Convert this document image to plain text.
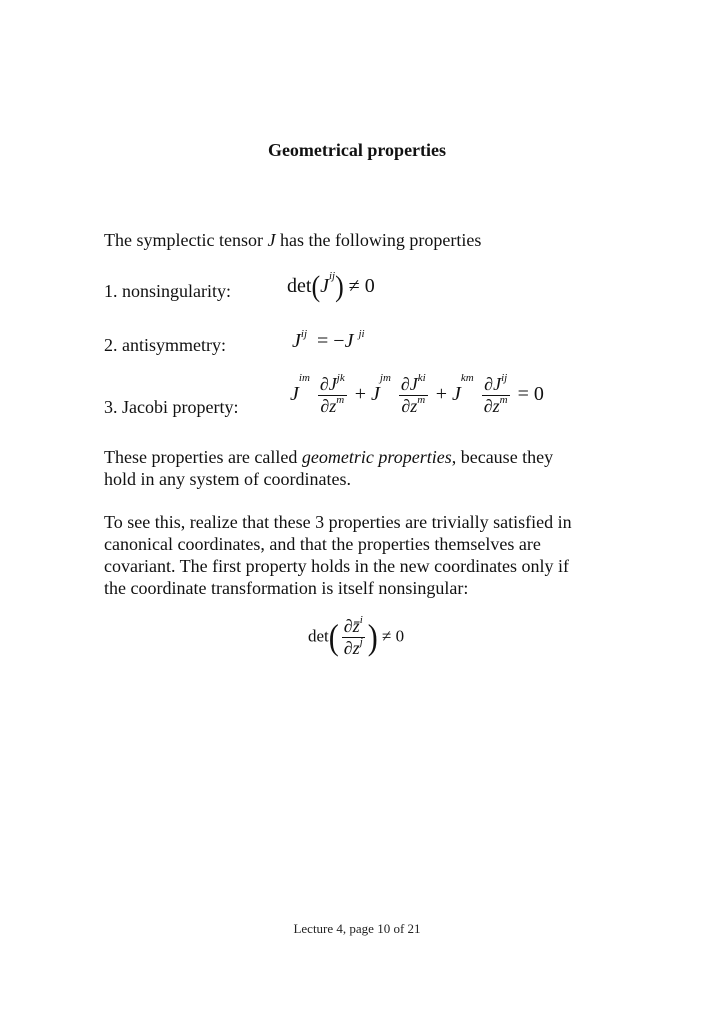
Geometrical properties
The symplectic tensor J has the following properties
1. nonsingularity:	$\det(J^{ij}) \ne 0$
2. antisymmetry:	$J^{ij} = -J$ $^{ji}$
3. Jacobi property:
$J^{im} \frac{\partial J^{jk}}{\partial z^m} + J^{jm} \frac{\partial J^{ki}}{\partial z^m} + J^{km} \frac{\partial J^{ij}}{\partial z^m} = 0$
These properties are called geometric properties, because they
hold in any system of coordinates.
To see this, realize that these 3 properties are trivially satisfied in
canonical coordinates, and that the properties themselves are
covariant. The first property holds in the new coordinates only if
the coordinate transformation is itself nonsingular:
$\det( \frac{\partial z̄^i}{\partial z^j}$ ) ≠ 0
Lecture 4, page 10 of 21
